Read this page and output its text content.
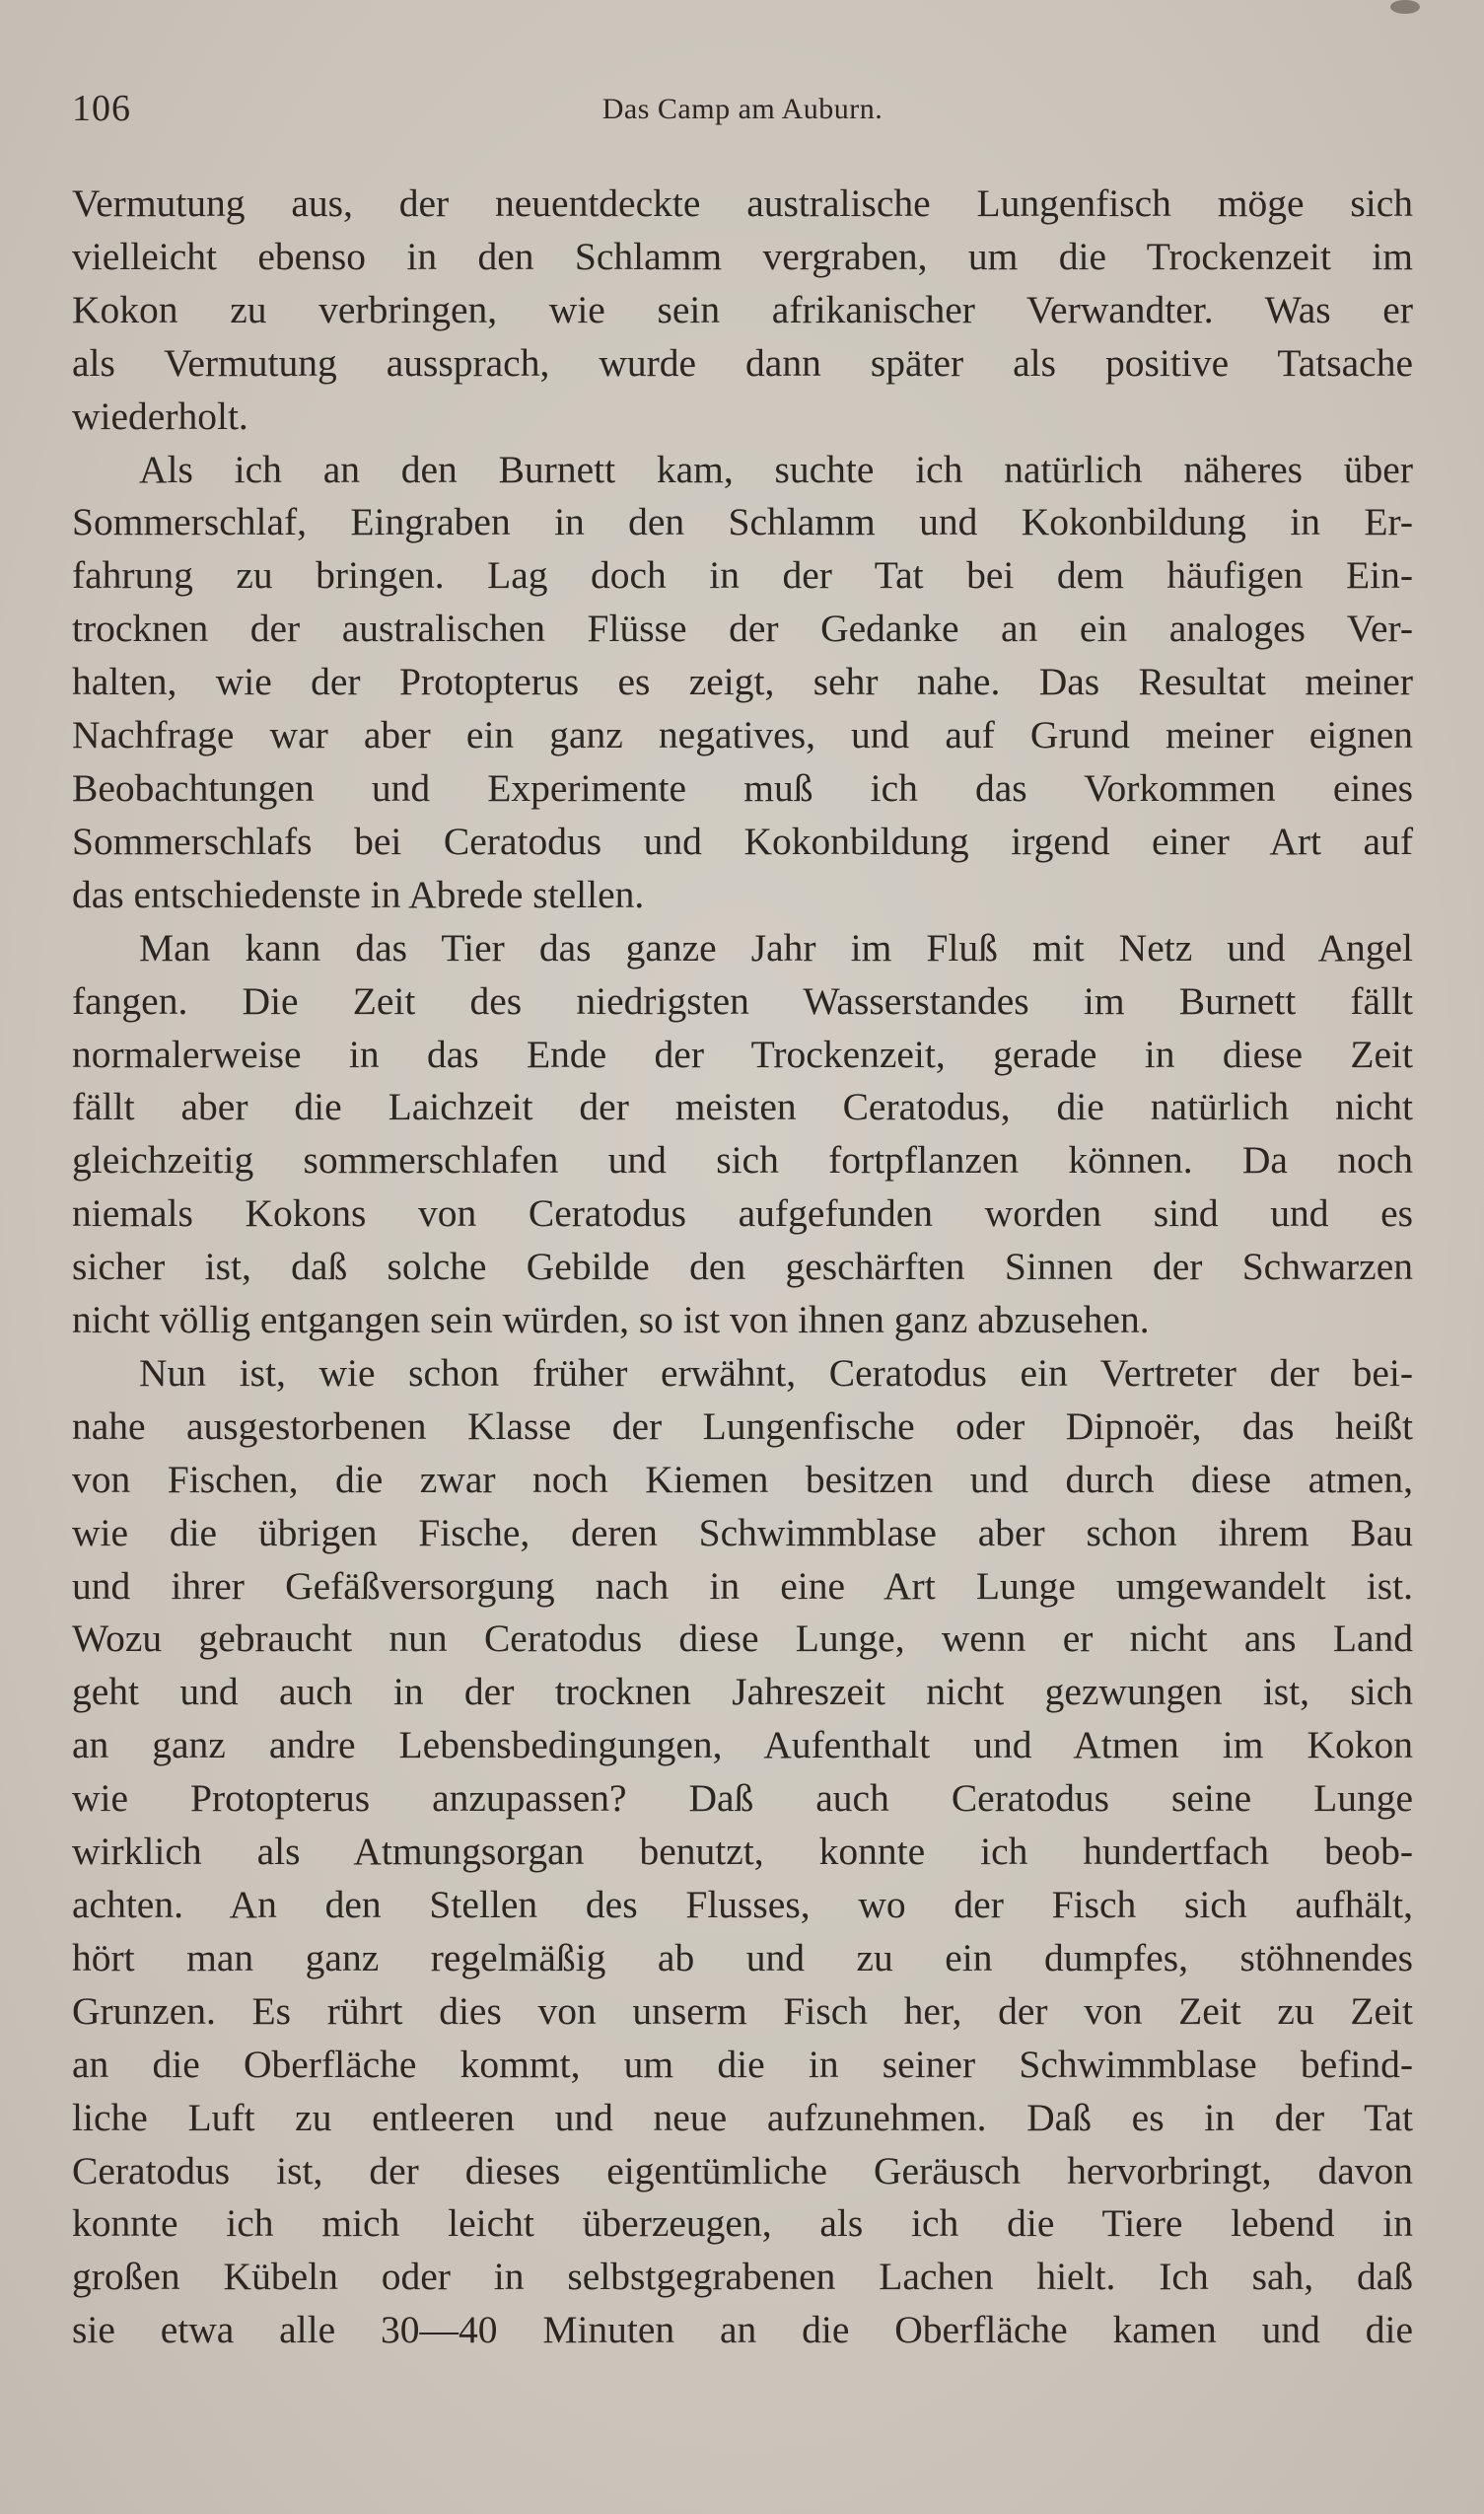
106	Das Camp am Auburn.
Vermutung aus, der neuentdeckte australische Lungenfisch möge sich
vielleicht ebenso in den Schlamm vergraben, um die Trockenzeit im
Kokon zu verbringen, wie sein afrikanischer Verwandter. Was er
als Vermutung aussprach, wurde dann später als positive Tatsache
wiederholt.
Als ich an den Burnett kam, suchte ich natürlich näheres über
Sommerschlaf, Eingraben in den Schlamm und Kokonbildung in Er-
fahrung zu bringen. Lag doch in der Tat bei dem häufigen Ein-
trocknen der australischen Flüsse der Gedanke an ein analoges Ver-
halten, wie der Protopterus es zeigt, sehr nahe. Das Resultat meiner
Nachfrage war aber ein ganz negatives, und auf Grund meiner eignen
Beobachtungen und Experimente muß ich das Vorkommen eines
Sommerschlafs bei Ceratodus und Kokonbildung irgend einer Art auf
das entschiedenste in Abrede stellen.
Man kann das Tier das ganze Jahr im Fluß mit Netz und Angel
fangen. Die Zeit des niedrigsten Wasserstandes im Burnett fällt
normalerweise in das Ende der Trockenzeit, gerade in diese Zeit
fällt aber die Laichzeit der meisten Ceratodus, die natürlich nicht
gleichzeitig sommerschlafen und sich fortpflanzen können. Da noch
niemals Kokons von Ceratodus aufgefunden worden sind und es
sicher ist, daß solche Gebilde den geschärften Sinnen der Schwarzen
nicht völlig entgangen sein würden, so ist von ihnen ganz abzusehen.
Nun ist, wie schon früher erwähnt, Ceratodus ein Vertreter der bei-
nahe ausgestorbenen Klasse der Lungenfische oder Dipnoër, das heißt
von Fischen, die zwar noch Kiemen besitzen und durch diese atmen,
wie die übrigen Fische, deren Schwimmblase aber schon ihrem Bau
und ihrer Gefäßversorgung nach in eine Art Lunge umgewandelt ist.
Wozu gebraucht nun Ceratodus diese Lunge, wenn er nicht ans Land
geht und auch in der trocknen Jahreszeit nicht gezwungen ist, sich
an ganz andre Lebensbedingungen, Aufenthalt und Atmen im Kokon
wie Protopterus anzupassen? Daß auch Ceratodus seine Lunge
wirklich als Atmungsorgan benutzt, konnte ich hundertfach beob-
achten. An den Stellen des Flusses, wo der Fisch sich aufhält,
hört man ganz regelmäßig ab und zu ein dumpfes, stöhnendes
Grunzen. Es rührt dies von unserm Fisch her, der von Zeit zu Zeit
an die Oberfläche kommt, um die in seiner Schwimmblase befind-
liche Luft zu entleeren und neue aufzunehmen. Daß es in der Tat
Ceratodus ist, der dieses eigentümliche Geräusch hervorbringt, davon
konnte ich mich leicht überzeugen, als ich die Tiere lebend in
großen Kübeln oder in selbstgegrabenen Lachen hielt. Ich sah, daß
sie etwa alle 30—40 Minuten an die Oberfläche kamen und die
